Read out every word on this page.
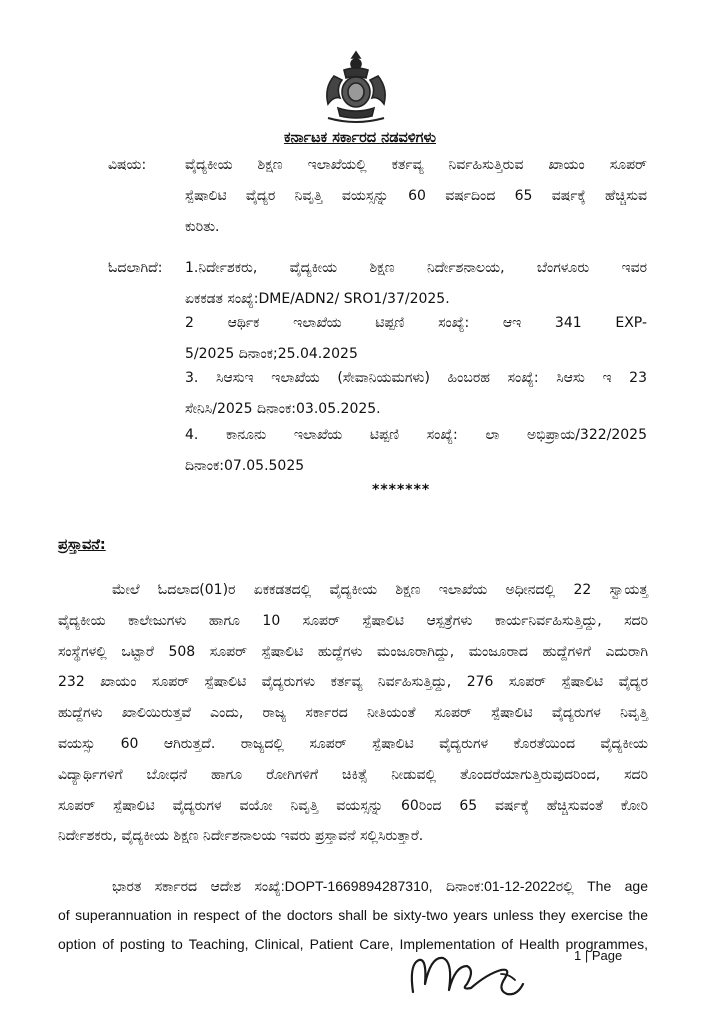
ಕರ್ನಾಟಕ ಸರ್ಕಾರದ ನಡವಳಿಗಳು
ವಿಷಯ:	ವೈದ್ಯಕೀಯ ಶಿಕ್ಷಣ ಇಲಾಖೆಯಲ್ಲಿ ಕರ್ತವ್ಯ ನಿರ್ವಹಿಸುತ್ತಿರುವ ಖಾಯಂ ಸೂಪರ್
ಸ್ಪೆಷಾಲಿಟಿ ವೈದ್ಯರ ನಿವೃತ್ತಿ ವಯಸ್ಸನ್ನು 60 ವರ್ಷದಿಂದ 65 ವರ್ಷಕ್ಕೆ ಹೆಚ್ಚಿಸುವ
ಕುರಿತು.
ಓದಲಾಗಿದೆ: 1.ನಿರ್ದೇಶಕರು, ವೈದ್ಯಕೀಯ ಶಿಕ್ಷಣ ನಿರ್ದೇಶನಾಲಯ, ಬೆಂಗಳೂರು ಇವರ
ಏಕಕಡತ ಸಂಖ್ಯೆ:DME/ADN2/ SRO1/37/2025.
2 ಆರ್ಥಿಕ ಇಲಾಖೆಯ ಟಿಪ್ಪಣಿ ಸಂಖ್ಯೆ: ಆಇ 341 EXP-
5/2025 ದಿನಾಂಕ;25.04.2025
3. ಸಿಆಸುಇ ಇಲಾಖೆಯ (ಸೇವಾನಿಯಮಗಳು) ಹಿಂಬರಹ ಸಂಖ್ಯೆ: ಸಿಆಸು ಇ 23
ಸೇನಿಸಿ/2025 ದಿನಾಂಕ:03.05.2025.
4. ಕಾನೂನು ಇಲಾಖೆಯ ಟಿಪ್ಪಣಿ ಸಂಖ್ಯೆ: ಲಾ ಅಭಿಪ್ರಾಯ/322/2025
ದಿನಾಂಕ:07.05.5025
*******
ಪ್ರಸ್ತಾವನೆ:
ಮೇಲೆ ಓದಲಾದ(01)ರ ಏಕಕಡತದಲ್ಲಿ ವೈದ್ಯಕೀಯ ಶಿಕ್ಷಣ ಇಲಾಖೆಯ ಅಧೀನದಲ್ಲಿ 22 ಸ್ವಾಯತ್ತ
ವೈದ್ಯಕೀಯ ಕಾಲೇಜುಗಳು ಹಾಗೂ 10 ಸೂಪರ್ ಸ್ಪೆಷಾಲಿಟಿ ಆಸ್ಪತ್ರೆಗಳು ಕಾರ್ಯನಿರ್ವಹಿಸುತ್ತಿದ್ದು, ಸದರಿ
ಸಂಸ್ಥೆಗಳಲ್ಲಿ ಒಟ್ಟಾರೆ 508 ಸೂಪರ್ ಸ್ಪೆಷಾಲಿಟಿ ಹುದ್ದೆಗಳು ಮಂಜೂರಾಗಿದ್ದು, ಮಂಜೂರಾದ ಹುದ್ದೆಗಳಿಗೆ ಎದುರಾಗಿ
232 ಖಾಯಂ ಸೂಪರ್ ಸ್ಪೆಷಾಲಿಟಿ ವೈದ್ಯರುಗಳು ಕರ್ತವ್ಯ ನಿರ್ವಹಿಸುತ್ತಿದ್ದು, 276 ಸೂಪರ್ ಸ್ಪೆಷಾಲಿಟಿ ವೈದ್ಯರ
ಹುದ್ದೆಗಳು ಖಾಲಿಯಿರುತ್ತವೆ ಎಂದು, ರಾಜ್ಯ ಸರ್ಕಾರದ ನೀತಿಯಂತೆ ಸೂಪರ್ ಸ್ಪೆಷಾಲಿಟಿ ವೈದ್ಯರುಗಳ ನಿವೃತ್ತಿ
ವಯಸ್ಸು 60 ಆಗಿರುತ್ತದೆ. ರಾಜ್ಯದಲ್ಲಿ ಸೂಪರ್ ಸ್ಪೆಷಾಲಿಟಿ ವೈದ್ಯರುಗಳ ಕೊರತೆಯಿಂದ ವೈದ್ಯಕೀಯ
ವಿದ್ಯಾರ್ಥಿಗಳಿಗೆ ಬೋಧನೆ ಹಾಗೂ ರೋಗಿಗಳಿಗೆ ಚಿಕಿತ್ಸೆ ನೀಡುವಲ್ಲಿ ತೊಂದರೆಯಾಗುತ್ತಿರುವುದರಿಂದ, ಸದರಿ
ಸೂಪರ್ ಸ್ಪೆಷಾಲಿಟಿ ವೈದ್ಯರುಗಳ ವಯೋ ನಿವೃತ್ತಿ ವಯಸ್ಸನ್ನು 60ರಿಂದ 65 ವರ್ಷಕ್ಕೆ ಹೆಚ್ಚಿಸುವಂತೆ ಕೋರಿ
ನಿರ್ದೇಶಕರು, ವೈದ್ಯಕೀಯ ಶಿಕ್ಷಣ ನಿರ್ದೇಶನಾಲಯ ಇವರು ಪ್ರಸ್ತಾವನೆ ಸಲ್ಲಿಸಿರುತ್ತಾರೆ.
ಭಾರತ ಸರ್ಕಾರದ ಆದೇಶ ಸಂಖ್ಯೆ:DOPT-1669894287310, ದಿನಾಂಕ:01-12-2022ರಲ್ಲಿ The age
of superannuation in respect of the doctors shall be sixty-two years unless they exercise the
option of posting to Teaching, Clinical, Patient Care, Implementation of Health programmes,
1 | Page
